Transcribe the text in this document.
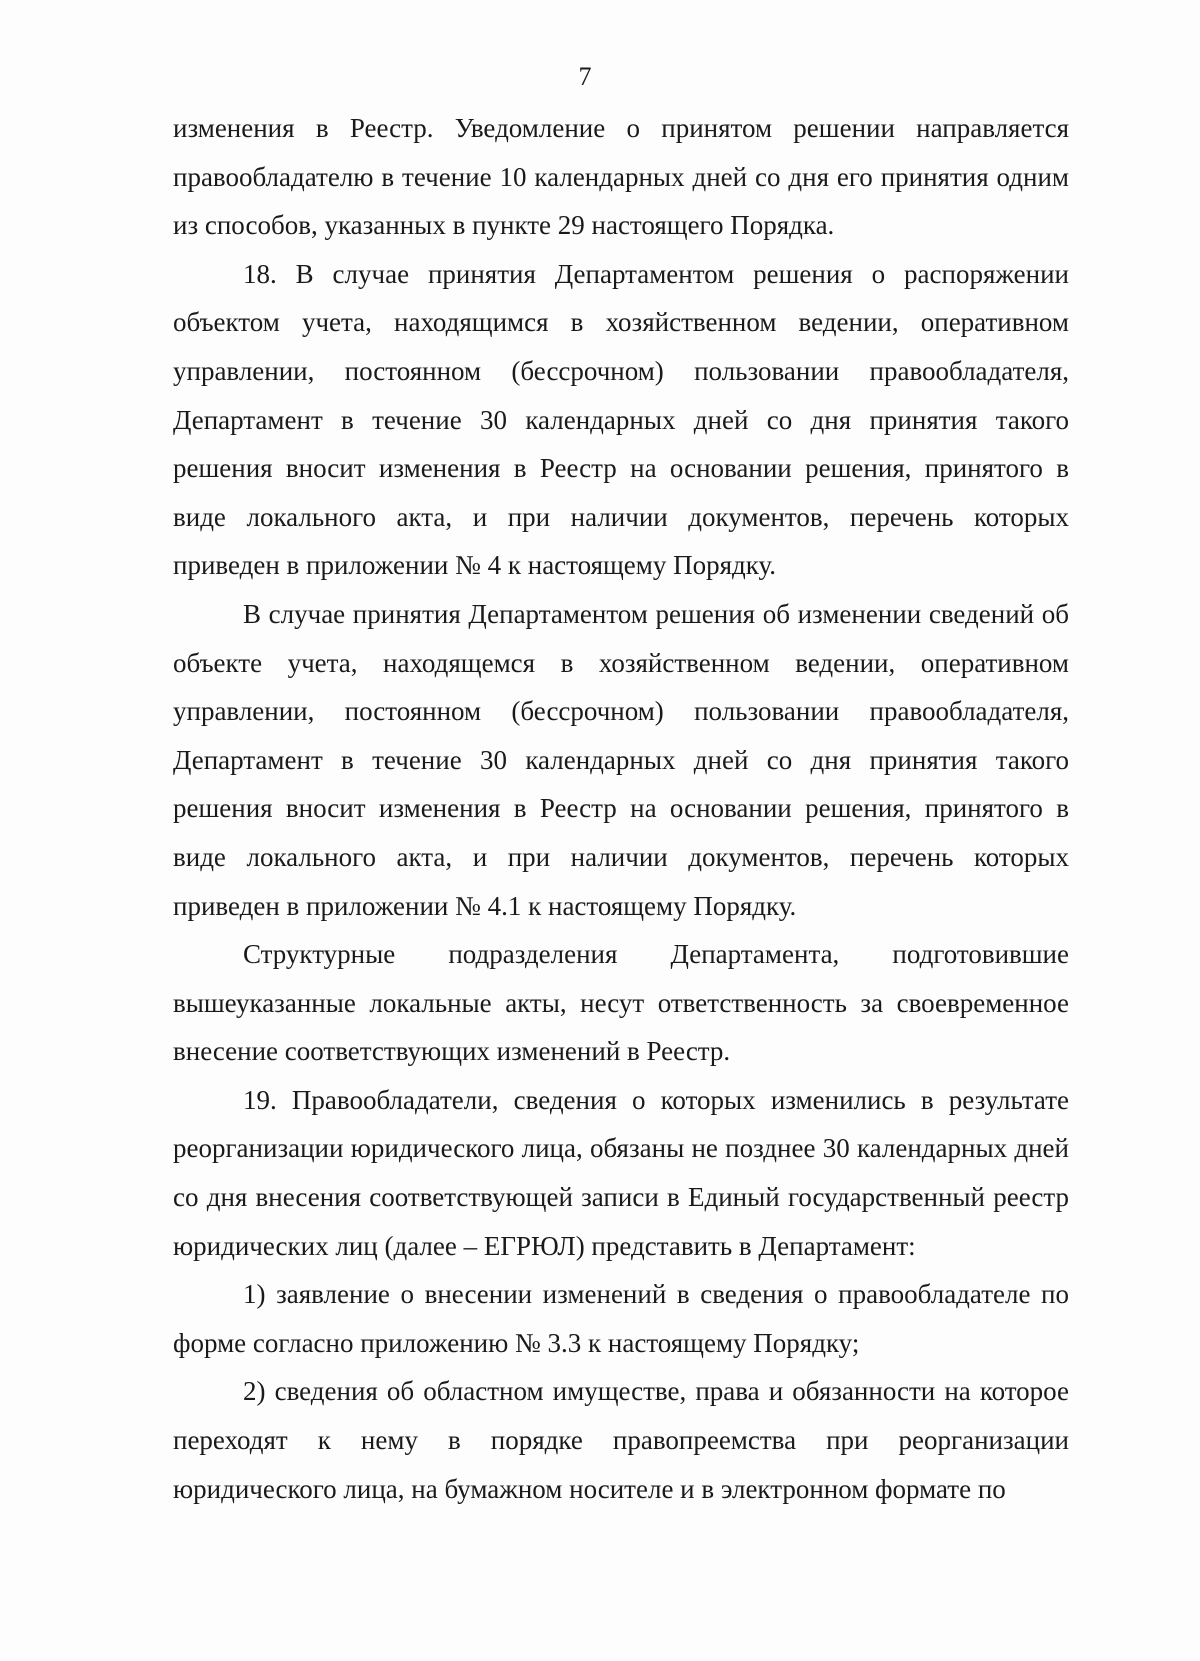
7

изменения в Реестр. Уведомление о принятом решении направляется правообладателю в течение 10 календарных дней со дня его принятия одним из способов, указанных в пункте 29 настоящего Порядка.

18. В случае принятия Департаментом решения о распоряжении объектом учета, находящимся в хозяйственном ведении, оперативном управлении, постоянном (бессрочном) пользовании правообладателя, Департамент в течение 30 календарных дней со дня принятия такого решения вносит изменения в Реестр на основании решения, принятого в виде локального акта, и при наличии документов, перечень которых приведен в приложении № 4 к настоящему Порядку.

В случае принятия Департаментом решения об изменении сведений об объекте учета, находящемся в хозяйственном ведении, оперативном управлении, постоянном (бессрочном) пользовании правообладателя, Департамент в течение 30 календарных дней со дня принятия такого решения вносит изменения в Реестр на основании решения, принятого в виде локального акта, и при наличии документов, перечень которых приведен в приложении № 4.1 к настоящему Порядку.

Структурные подразделения Департамента, подготовившие вышеуказанные локальные акты, несут ответственность за своевременное внесение соответствующих изменений в Реестр.

19. Правообладатели, сведения о которых изменились в результате реорганизации юридического лица, обязаны не позднее 30 календарных дней со дня внесения соответствующей записи в Единый государственный реестр юридических лиц (далее – ЕГРЮЛ) представить в Департамент:

1) заявление о внесении изменений в сведения о правообладателе по форме согласно приложению № 3.3 к настоящему Порядку;

2) сведения об областном имуществе, права и обязанности на которое переходят к нему в порядке правопреемства при реорганизации юридического лица, на бумажном носителе и в электронном формате по
